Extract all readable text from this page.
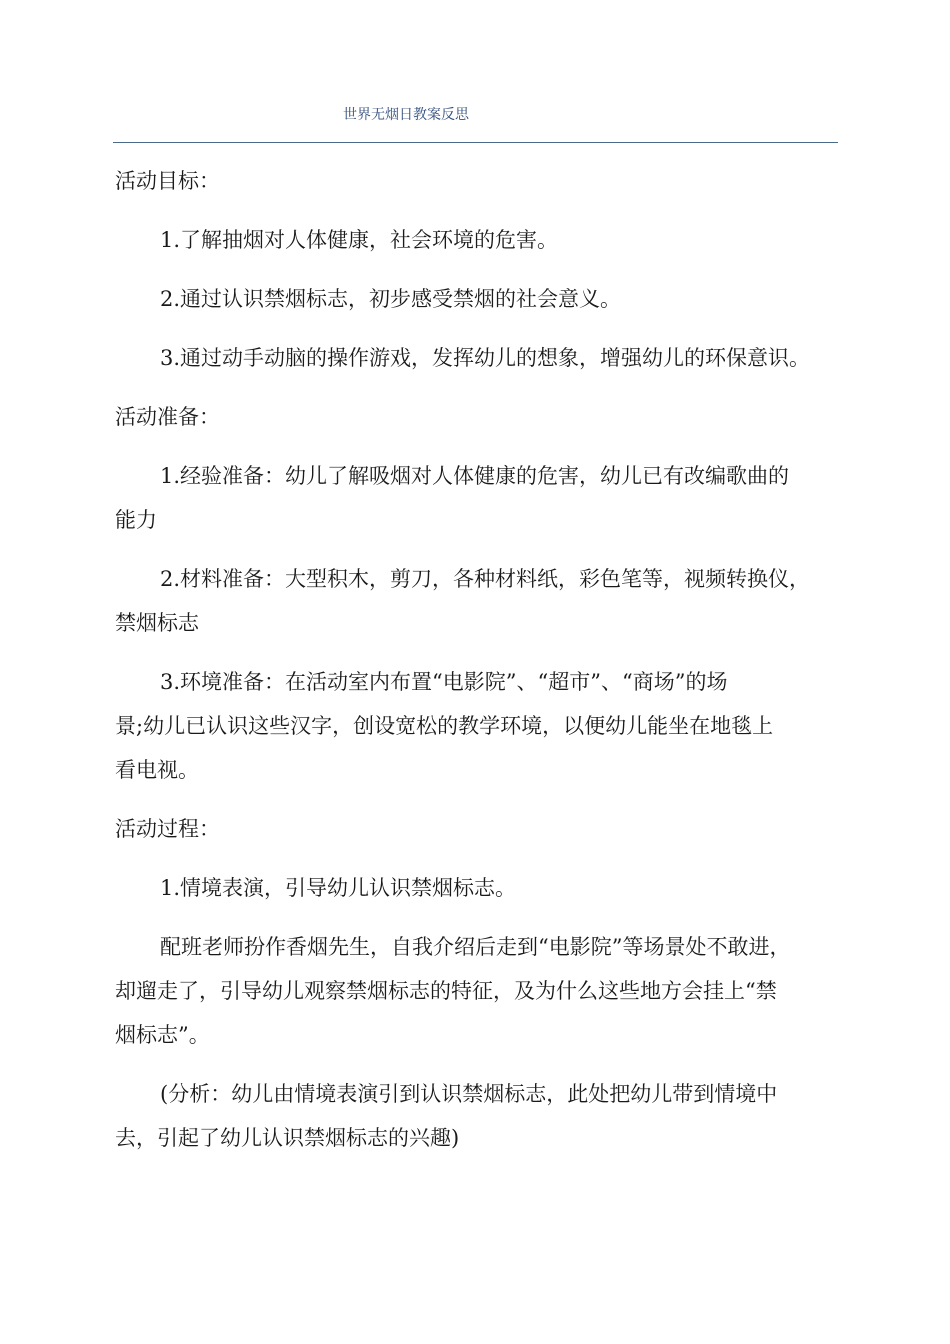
世界无烟日教案反思
活动目标：
1.了解抽烟对人体健康，社会环境的危害。
2.通过认识禁烟标志，初步感受禁烟的社会意义。
3.通过动手动脑的操作游戏，发挥幼儿的想象，增强幼儿的环保意识。
活动准备：
1.经验准备：幼儿了解吸烟对人体健康的危害，幼儿已有改编歌曲的
能力
2.材料准备：大型积木，剪刀，各种材料纸，彩色笔等，视频转换仪，
禁烟标志
3.环境准备：在活动室内布置“电影院”、“超市”、“商场”的场
景;幼儿已认识这些汉字，创设宽松的教学环境，以便幼儿能坐在地毯上
看电视。
活动过程：
1.情境表演，引导幼儿认识禁烟标志。
配班老师扮作香烟先生，自我介绍后走到“电影院”等场景处不敢进，
却遛走了，引导幼儿观察禁烟标志的特征，及为什么这些地方会挂上“禁
烟标志”。
(分析：幼儿由情境表演引到认识禁烟标志，此处把幼儿带到情境中
去，引起了幼儿认识禁烟标志的兴趣)
